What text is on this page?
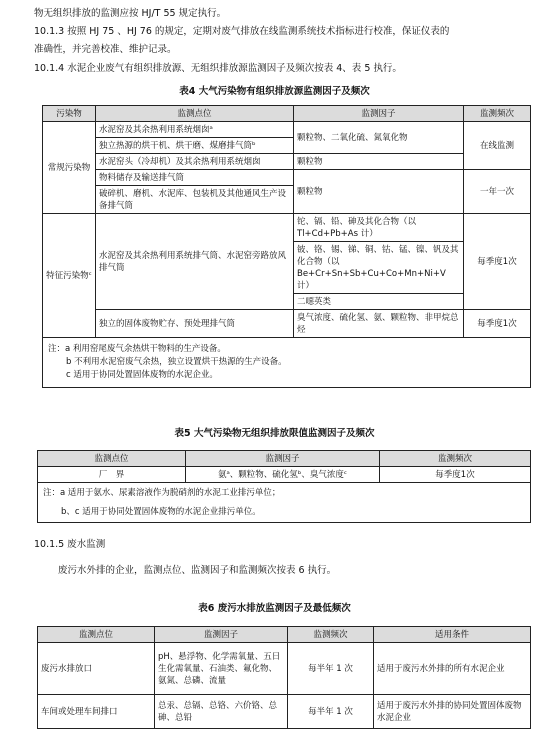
物无组织排放的监测应按 HJ/T 55 规定执行。

10.1.3 按照 HJ 75 、HJ 76 的规定，定期对废气排放在线监测系统技术指标进行校准，保证仪表的

准确性，并完善校准、维护记录。

10.1.4 水泥企业废气有组织排放源、无组织排放源监测因子及频次按表 4、表 5 执行。

表4 大气污染物有组织排放源监测因子及频次
污染物	监测点位	监测因子	监测频次
常规污染物	水泥窑及其余热利用系统烟囱ᵃ	颗粒物、二氧化硫、氮氧化物	在线监测
	独立热源的烘干机、烘干磨、煤磨排气筒ᵇ		
	水泥窑头（冷却机）及其余热利用系统烟囱	颗粒物	
	物料储存及输送排气筒	颗粒物	一年一次
	破碎机、磨机、水泥库、包装机及其他通风生产设备排气筒		
特征污染物ᶜ	水泥窑及其余热利用系统排气筒、水泥窑旁路放风排气筒	铊、镉、铅、砷及其化合物（以 Tl+Cd+Pb+As 计）	每季度1次
		铍、铬、锡、锑、铜、钴、锰、镍、钒及其化合物（以 Be+Cr+Sn+Sb+Cu+Co+Mn+Ni+V 计）	
		二噁英类	
	独立的固体废物贮存、预处理排气筒	臭气浓度、硫化氢、氨、颗粒物、非甲烷总烃	每季度1次

注：a 利用窑尾废气余热烘干物料的生产设备。
b 不利用水泥窑废气余热，独立设置烘干热源的生产设备。
c 适用于协同处置固体废物的水泥企业。			
表5 大气污染物无组织排放限值监测因子及频次
监测点位	监测因子	监测频次
厂　界	氨ᵃ、颗粒物、硫化氢ᵇ、臭气浓度ᶜ	每季度1次

注：a 适用于氨水、尿素溶液作为脱硝剂的水泥工业排污单位；
b、c 适用于协同处置固体废物的水泥企业排污单位。		

10.1.5 废水监测

废污水外排的企业，监测点位、监测因子和监测频次按表 6 执行。

表6 废污水排放监测因子及最低频次
监测点位	监测因子	监测频次	适用条件
废污水排放口	pH、悬浮物、化学需氧量、五日生化需氧量、石油类、氟化物、氨氮、总磷、流量	每半年 1 次	适用于废污水外排的所有水泥企业
车间或处理车间排口	总汞、总镉、总铬、六价铬、总砷、总铅	每半年 1 次	适用于废污水外排的协同处置固体废物水泥企业
